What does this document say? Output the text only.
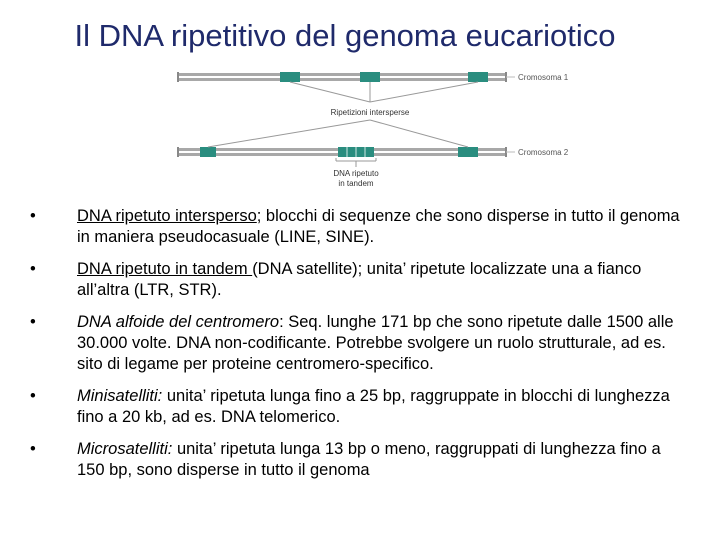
Il DNA ripetitivo del genoma eucariotico
Cromosoma 1
Cromosoma 2
Ripetizioni intersperse
DNA ripetuto
in tandem
• DNA ripetuto intersperso; blocchi di sequenze che sono disperse in tutto il genoma in maniera pseudocasuale (LINE, SINE).
• DNA ripetuto in tandem (DNA satellite); unita’ ripetute localizzate una a fianco all’altra (LTR, STR).
• DNA alfoide del centromero: Seq. lunghe 171 bp che sono ripetute dalle 1500 alle 30.000 volte. DNA non-codificante. Potrebbe svolgere un ruolo strutturale, ad es. sito di legame per proteine centromero-specifico.
• Minisatelliti: unita’ ripetuta lunga fino a 25 bp, raggruppate in blocchi di lunghezza fino a 20 kb, ad es. DNA telomerico.
• Microsatelliti: unita’ ripetuta lunga 13 bp o meno, raggruppati di lunghezza fino a 150 bp, sono disperse in tutto il genoma
